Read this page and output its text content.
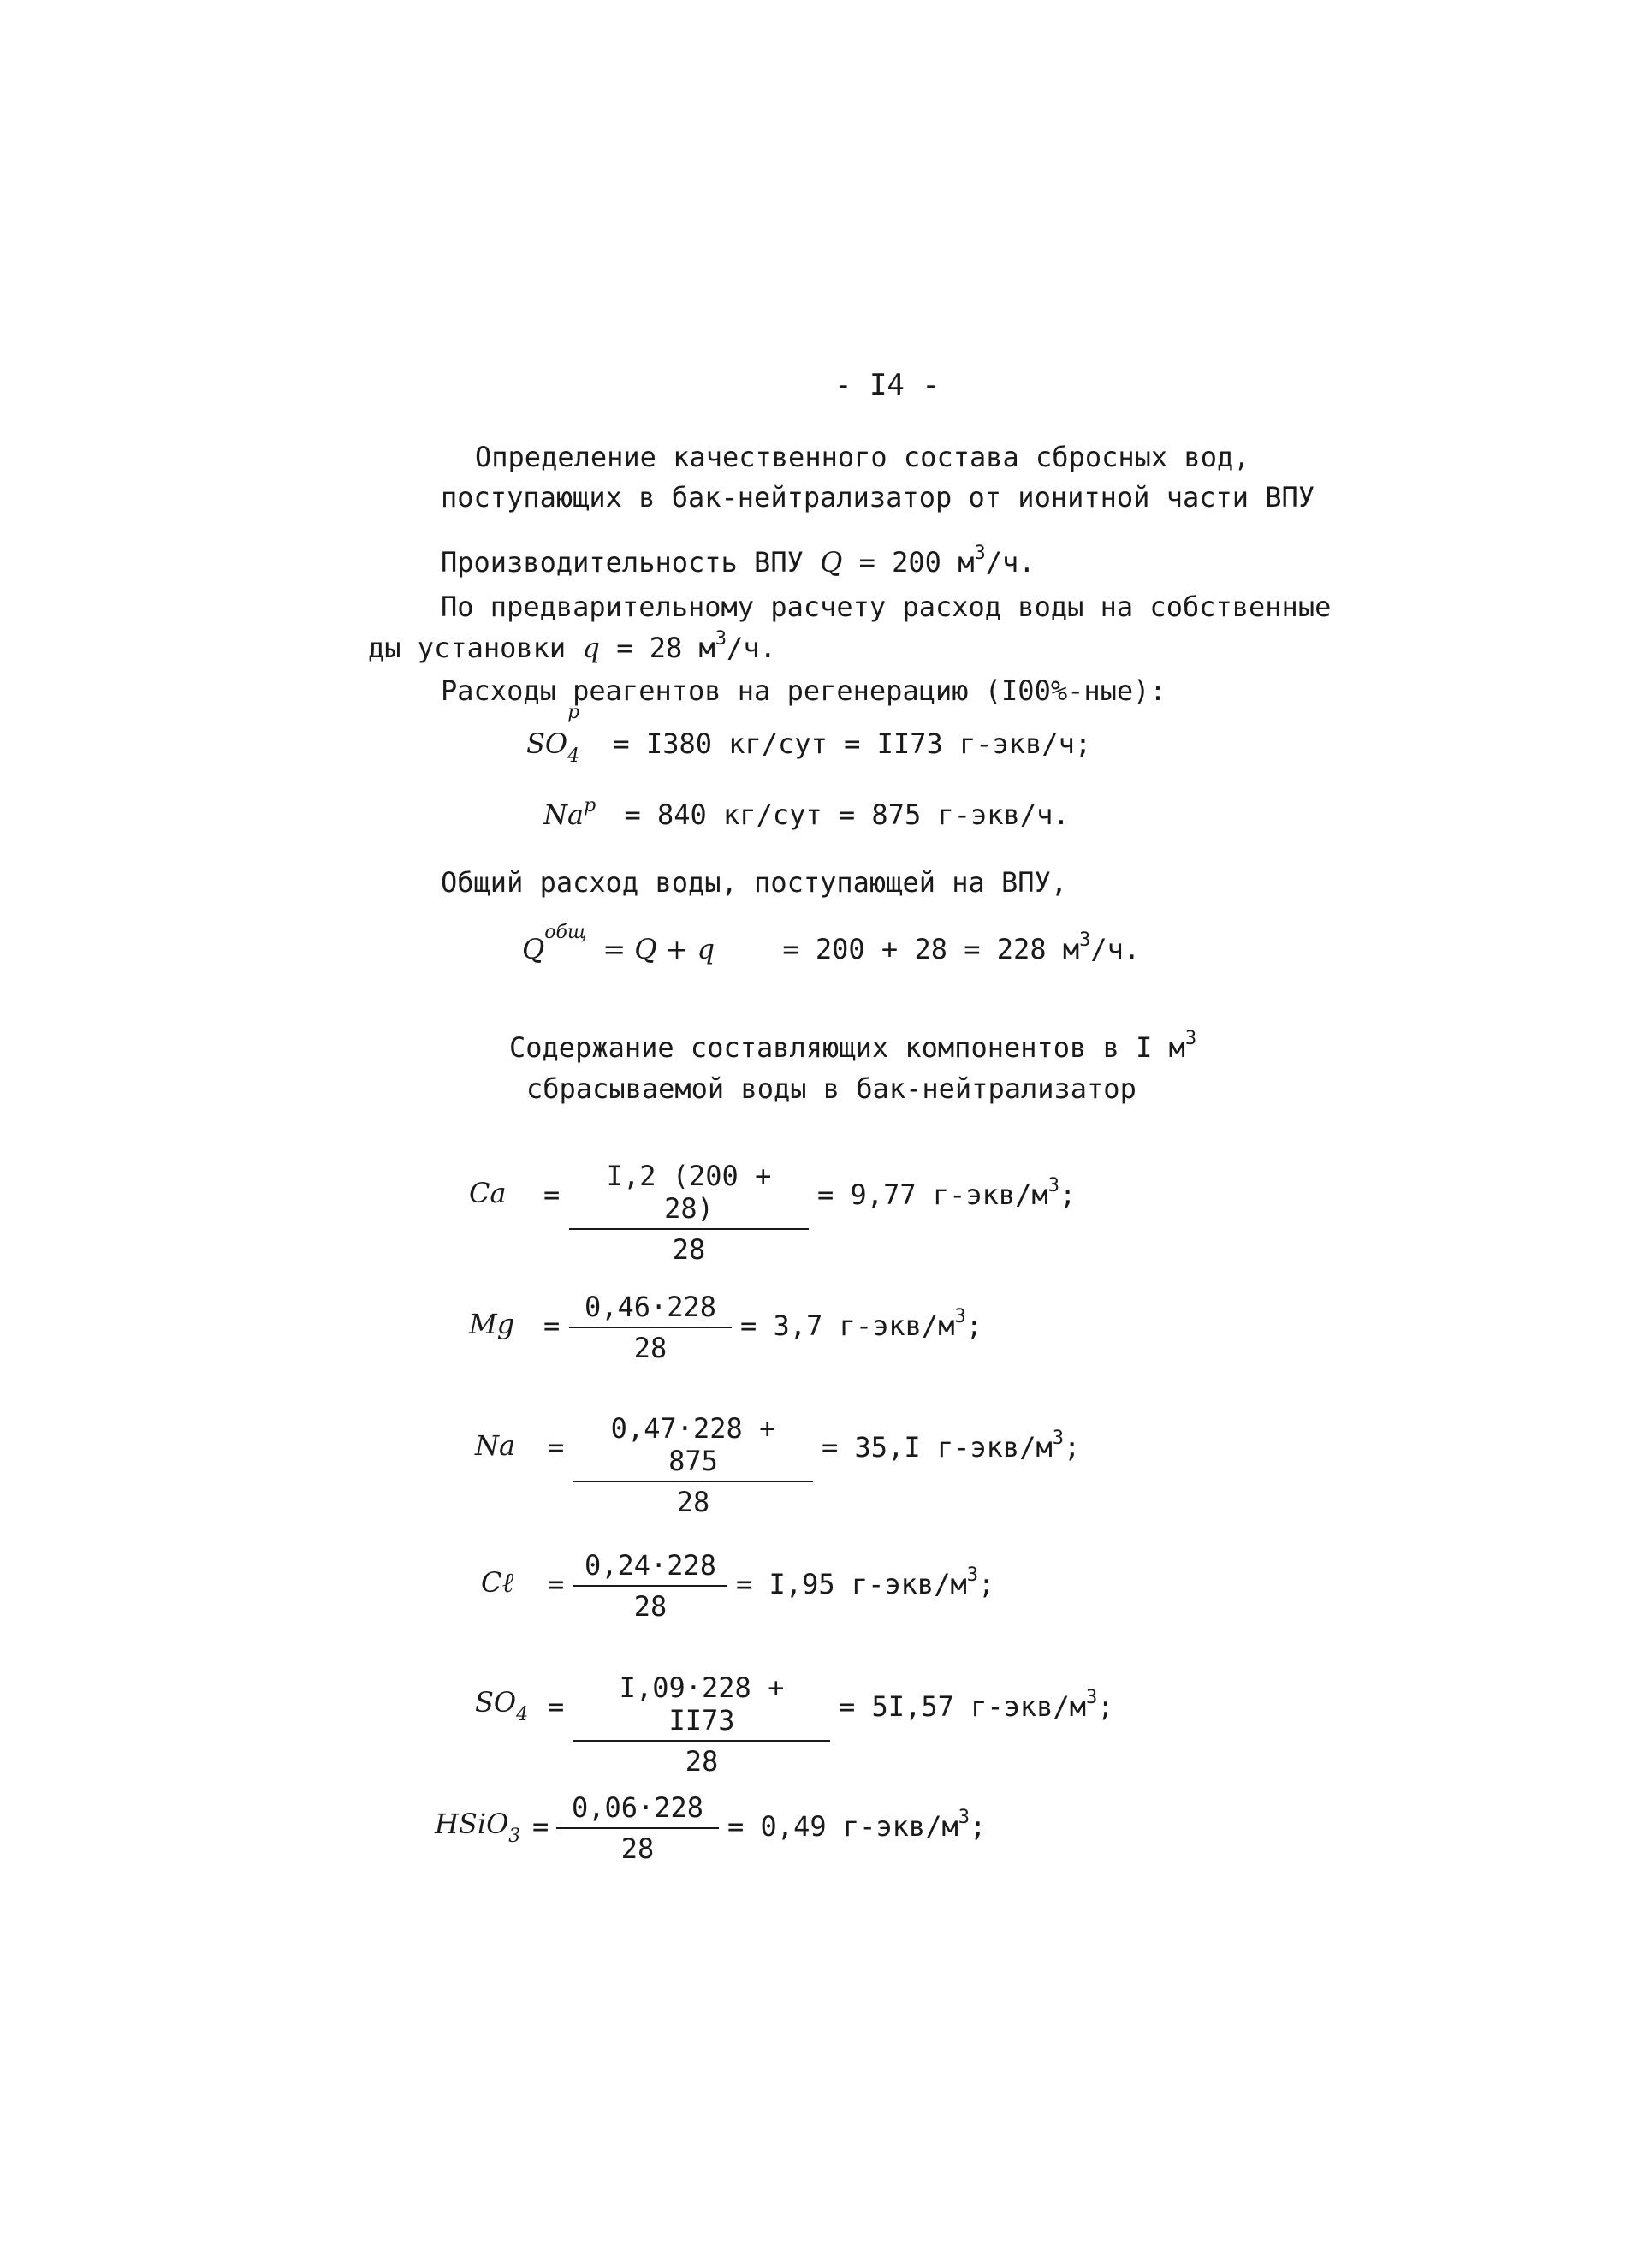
- I4 -
Определение качественного состава сбросных вод,
поступающих в бак-нейтрализатор от ионитной части ВПУ
Производительность ВПУ Q = 200 $м^3/ч$.
По предварительному расчету расход воды на собственные
ды установки q = 28 $м^3/ч$.
Расходы реагентов на регенерацию (I00%-ные):
$SO_4$
р
= I380 кг/сут = II73 г-экв/ч;
$Na^р = 840$ кг/сут = 875 г-экв/ч.
Общий расход воды, поступающей на ВПУ,
$Q^{общ} = Q + q = 200 + 28 = 228$ $м^3/ч$.
Содержание составляющих компонентов в I $м^3$
сбрасываемой воды в бак-нейтрализатор
$Ca = \frac{I,2 (200 + 28)}{28} = 9,77$ $г-экв/м^3$;
$Mg = \frac{0,46\cdot 228}{28} = 3,7$ $г-экв/м^3$;
$Na = \frac{0,47\cdot 228 + 875}{28} = 35,I$ $г-экв/м^3$;
Cℓ = $\frac{0,24\cdot 228}{28} = I,95$ $г-экв/м^3$;
$SO_4 = \frac{I,09\cdot 228 + II73}{28} = 5I,57$ $г-экв/м^3$;
HSiO$_3$ = $\frac{0,06\cdot 228}{28} = 0,49$ $г-экв/м^3$;
